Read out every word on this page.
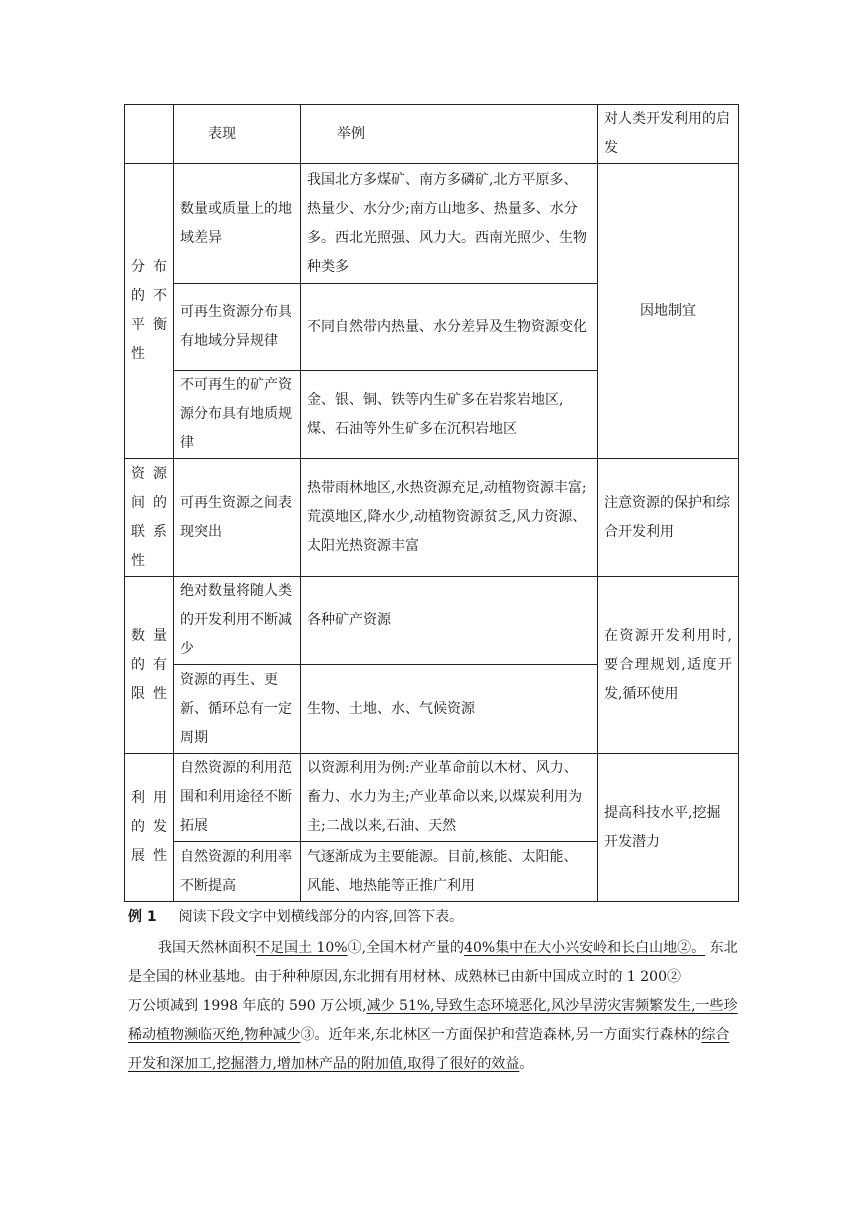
	表现	举例	对人类开发利用的启发
分布的不平衡性	数量或质量上的地域差异	我国北方多煤矿、南方多磷矿,北方平原多、热量少、水分少;南方山地多、热量多、水分多。西北光照强、风力大。西南光照少、生物种类多	因地制宜
	可再生资源分布具有地域分异规律	不同自然带内热量、水分差异及生物资源变化	
	不可再生的矿产资源分布具有地质规律	金、银、铜、铁等内生矿多在岩浆岩地区,煤、石油等外生矿多在沉积岩地区	
资源间的联系性	可再生资源之间表现突出	热带雨林地区,水热资源充足,动植物资源丰富;荒漠地区,降水少,动植物资源贫乏,风力资源、太阳光热资源丰富	注意资源的保护和综合开发利用
数量的有限性	绝对数量将随人类的开发利用不断减少	各种矿产资源	在资源开发利用时,要合理规划,适度开发,循环使用
	资源的再生、更新、循环总有一定周期	生物、土地、水、气候资源	
利用的发展性	自然资源的利用范围和利用途径不断拓展	以资源利用为例:产业革命前以木材、风力、畜力、水力为主;产业革命以来,以煤炭利用为主;二战以来,石油、天然	提高科技水平,挖掘开发潜力
	自然资源的利用率不断提高	气逐渐成为主要能源。目前,核能、太阳能、风能、地热能等正推广利用	
例 1 阅读下段文字中划横线部分的内容,回答下表。

我国天然林面积不足国土 10%①,全国木材产量的40%集中在大小兴安岭和长白山地②。 东北是全国的林业基地。由于种种原因,东北拥有用材林、成熟林已由新中国成立时的 1 200②

万公顷减到 1998 年底的 590 万公顷,减少 51%,导致生态环境恶化,风沙旱涝灾害频繁发生,一些珍稀动植物濒临灭绝,物种减少③。近年来,东北林区一方面保护和营造森林,另一方面实行森林的综合开发和深加工,挖掘潜力,增加林产品的附加值,取得了很好的效益。
